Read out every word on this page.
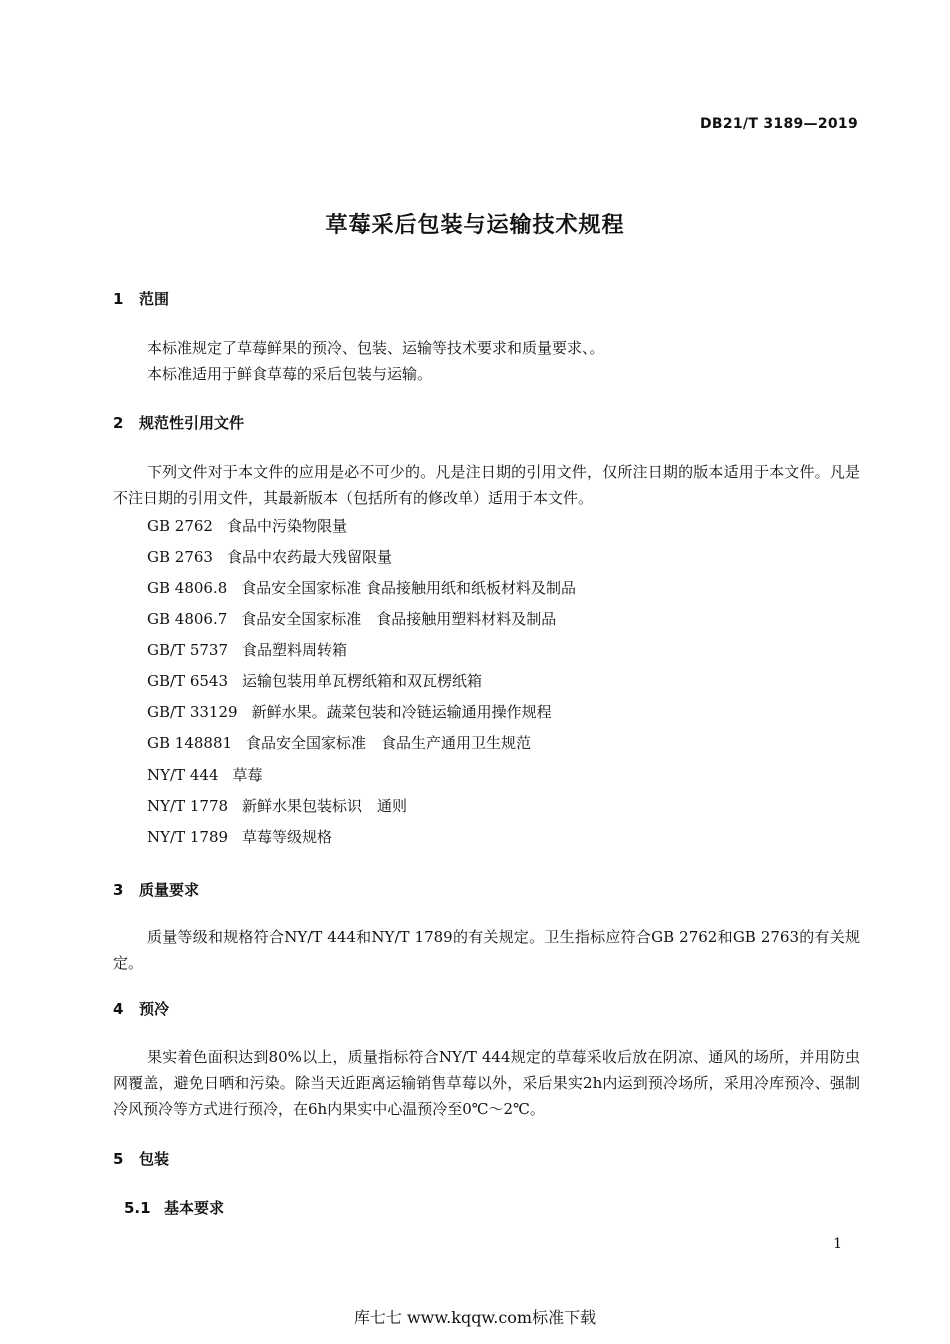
DB21/T 3189—2019
草莓采后包装与运输技术规程
1 范围
本标准规定了草莓鲜果的预冷、包装、运输等技术要求和质量要求、。
本标准适用于鲜食草莓的采后包装与运输。
2 规范性引用文件
下列文件对于本文件的应用是必不可少的。凡是注日期的引用文件，仅所注日期的版本适用于本文件。凡是不注日期的引用文件，其最新版本（包括所有的修改单）适用于本文件。
GB 2762 食品中污染物限量
GB 2763 食品中农药最大残留限量
GB 4806.8 食品安全国家标准 食品接触用纸和纸板材料及制品
GB 4806.7 食品安全国家标准　食品接触用塑料材料及制品
GB/T 5737 食品塑料周转箱
GB/T 6543 运输包装用单瓦楞纸箱和双瓦楞纸箱
GB/T 33129 新鲜水果。蔬菜包装和冷链运输通用操作规程
GB 148881 食品安全国家标准　食品生产通用卫生规范
NY/T 444 草莓
NY/T 1778 新鲜水果包装标识　通则
NY/T 1789 草莓等级规格
3 质量要求
质量等级和规格符合NY/T 444和NY/T 1789的有关规定。卫生指标应符合GB 2762和GB 2763的有关规定。
4 预冷
果实着色面积达到80%以上，质量指标符合NY/T 444规定的草莓采收后放在阴凉、通风的场所，并用防虫网覆盖，避免日晒和污染。除当天近距离运输销售草莓以外，采后果实2h内运到预冷场所，采用冷库预冷、强制冷风预冷等方式进行预冷，在6h内果实中心温预冷至0℃～2℃。
5 包装
5.1 基本要求
1
库七七 www.kqqw.com标准下载
